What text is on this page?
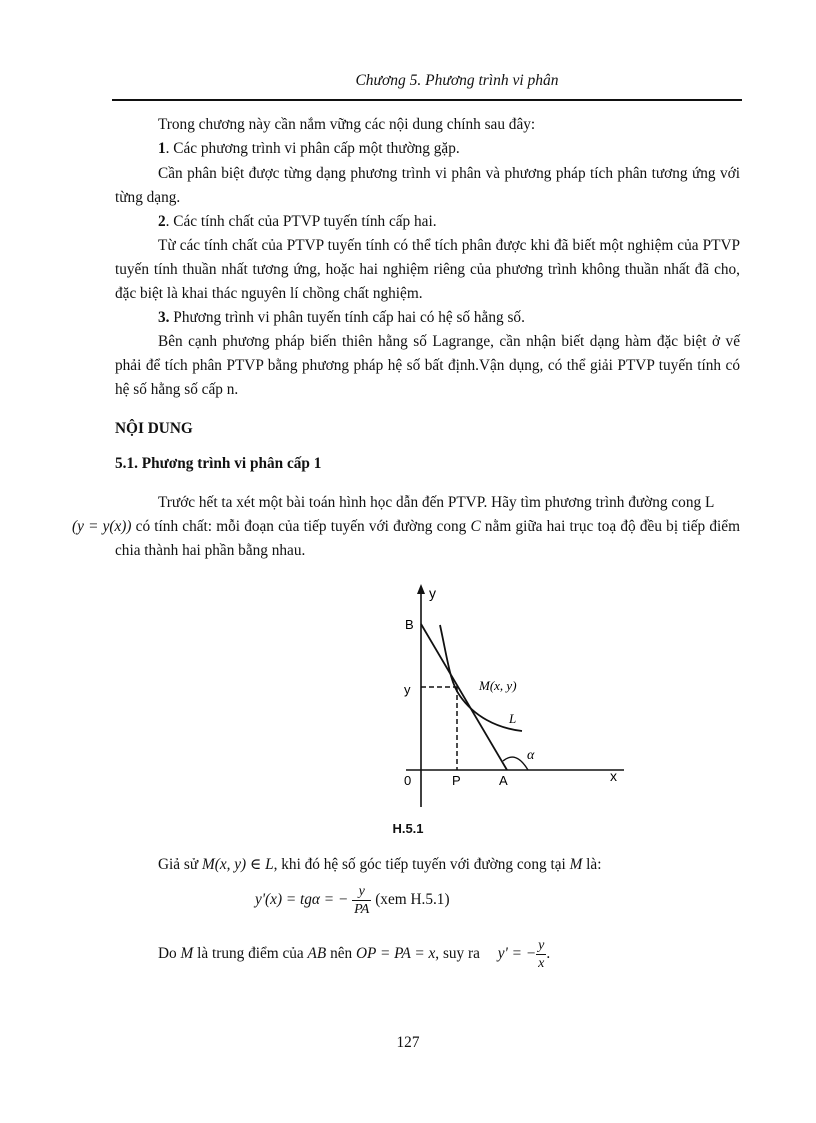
Chương 5. Phương trình vi phân

Trong chương này cần nắm vững các nội dung chính sau đây:

1. Các phương trình vi phân cấp một thường gặp.

Cần phân biệt được từng dạng phương trình vi phân và phương pháp tích phân tương ứng với từng dạng.

2. Các tính chất của PTVP tuyến tính cấp hai.

Từ các tính chất của PTVP tuyến tính có thể tích phân được khi đã biết một nghiệm của PTVP tuyến tính thuần nhất tương ứng, hoặc hai nghiệm riêng của phương trình không thuần nhất đã cho, đặc biệt là khai thác nguyên lí chồng chất nghiệm.

3. Phương trình vi phân tuyến tính cấp hai có hệ số hằng số.

Bên cạnh phương pháp biến thiên hằng số Lagrange, cần nhận biết dạng hàm đặc biệt ở vế phải để tích phân PTVP bằng phương pháp hệ số bất định.Vận dụng, có thể giải PTVP tuyến tính có hệ số hằng số cấp n.

NỘI DUNG

5.1. Phương trình vi phân cấp 1

Trước hết ta xét một bài toán hình học dẫn đến PTVP. Hãy tìm phương trình đường cong L
(y = y(x)) có tính chất: mỗi đoạn của tiếp tuyến với đường cong C nằm giữa hai trục toạ độ đều bị tiếp điểm chia thành hai phần bằng nhau.

y
B
y	M(x, y)
L
α
0	P	A	x
H.5.1

Giả sử M(x, y) ∈ L, khi đó hệ số góc tiếp tuyến với đường cong tại M là:

y'(x) = tgα = − $\frac{y}{PA} (xem$ H.5.1)
Do M là trung điểm của AB nên OP = PA = x, suy ra y' = − $\frac{y}{x}$ .
127
